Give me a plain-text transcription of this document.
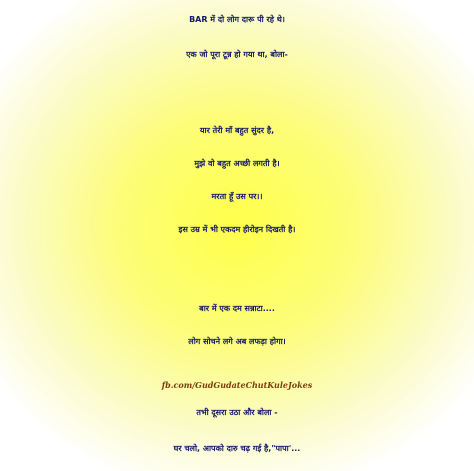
BAR में दो लोग दारू पी रहे थे।
एक जो पूरा टून्न हो गया था, बोला-
यार तेरी माँ बहुत सुंदर है,
मुझे वो बहुत अच्छी लगती है।
मरता हूँ उस पर।।
इस उम्र में भी एकदम हीरोइन दिखती है।
बार में एक दम सन्नाटा....
लोग सोचने लगे अब लफड़ा होगा।
fb.com/GudGudateChutKuleJokes
तभी दूसरा उठा और बोला -
घर चलो, आपको दारु चढ़ गई है,"पापा'...
